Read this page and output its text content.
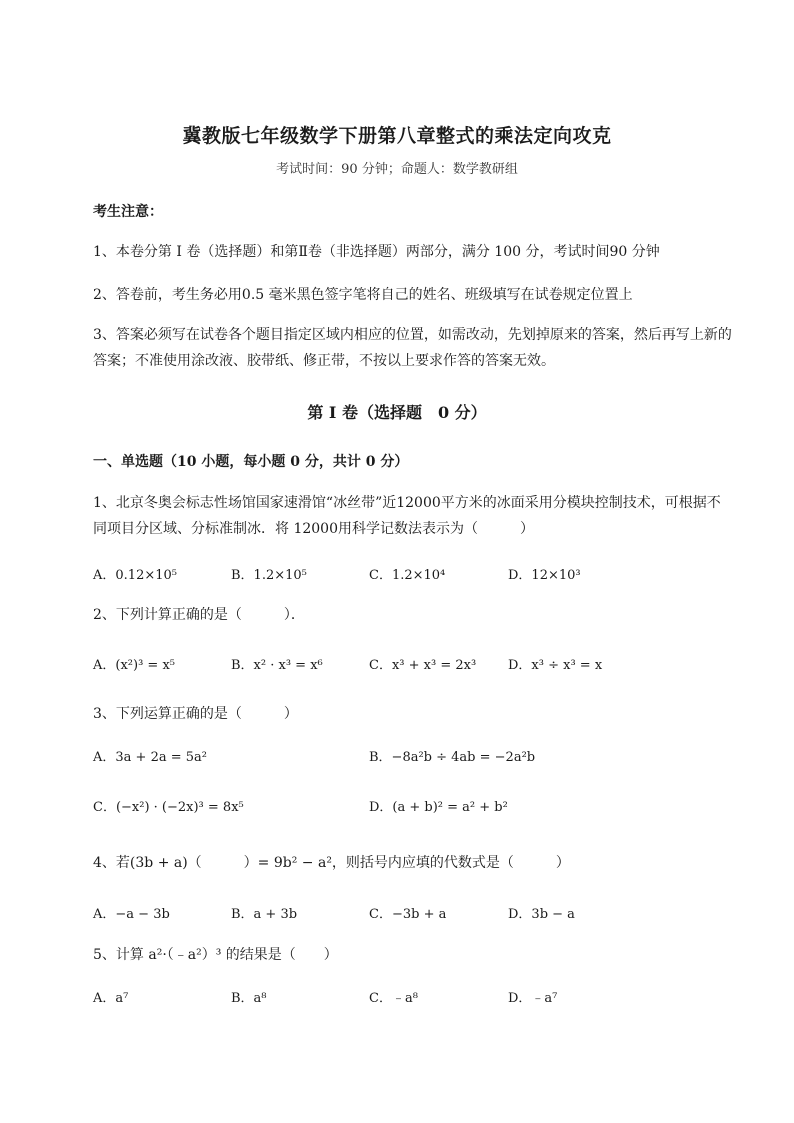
冀教版七年级数学下册第八章整式的乘法定向攻克
考试时间：90 分钟；命题人：数学教研组
考生注意：
1、本卷分第 I 卷（选择题）和第Ⅱ卷（非选择题）两部分，满分 100 分，考试时间90 分钟
2、答卷前，考生务必用0.5 毫米黑色签字笔将自己的姓名、班级填写在试卷规定位置上
3、答案必须写在试卷各个题目指定区域内相应的位置，如需改动，先划掉原来的答案，然后再写上新的答案；不准使用涂改液、胶带纸、修正带，不按以上要求作答的答案无效。
第 I 卷（选择题　0 分）
一、单选题（10 小题，每小题 0 分，共计 0 分）
1、北京冬奥会标志性场馆国家速滑馆“冰丝带”近12000平方米的冰面采用分模块控制技术，可根据不同项目分区域、分标准制冰．将 12000用科学记数法表示为（　　　）
A．0.12×10⁵	B．1.2×10⁵	C．1.2×10⁴	D．12×10³
2、下列计算正确的是（　　　）．
A．(x²)³ = x⁵	B．x² · x³ = x⁶	C．x³ + x³ = 2x³ D．x³ ÷ x³ = x
3、下列运算正确的是（　　　）
A．3a + 2a = 5a²	B．−8a²b ÷ 4ab = −2a²b
C．(−x²) · (−2x)³ = 8x⁵	D．(a + b)² = a² + b²
4、若(3b + a)（　　　）= 9b² − a²，则括号内应填的代数式是（　　　）
A．−a − 3b	B．a + 3b	C．−3b + a	D．3b − a
5、计算 a²·（﹣a²）³ 的结果是（　　）
A．a⁷	B．a⁸	C．﹣a⁸	D．﹣a⁷
